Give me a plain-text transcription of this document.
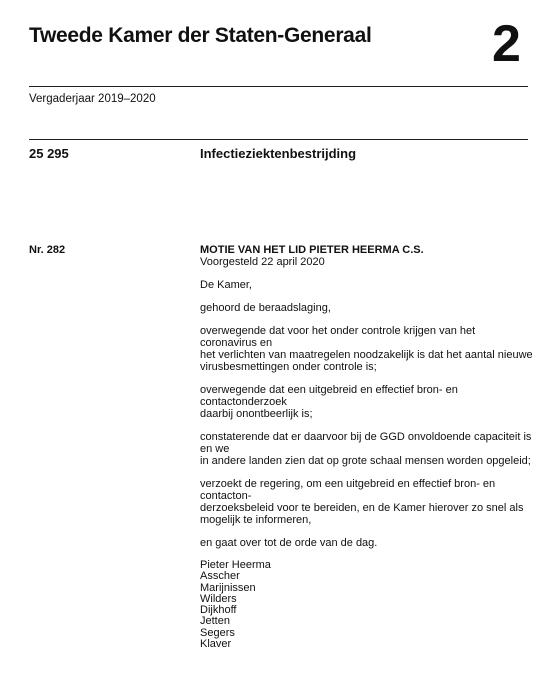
Tweede Kamer der Staten-Generaal 2
Vergaderjaar 2019–2020
25 295	Infectieziektenbestrijding
Nr. 282	MOTIE VAN HET LID PIETER HEERMA C.S.

Voorgesteld 22 april 2020

De Kamer,

gehoord de beraadslaging,

overwegende dat voor het onder controle krijgen van het coronavirus en
het verlichten van maatregelen noodzakelijk is dat het aantal nieuwe
virusbesmettingen onder controle is;
overwegende dat een uitgebreid en effectief bron- en contactonderzoek
daarbij onontbeerlijk is;
constaterende dat er daarvoor bij de GGD onvoldoende capaciteit is en we
in andere landen zien dat op grote schaal mensen worden opgeleid;
verzoekt de regering, om een uitgebreid en effectief bron- en contacton-
derzoeksbeleid voor te bereiden, en de Kamer hierover zo snel als
mogelijk te informeren,

en gaat over tot de orde van de dag.

Pieter Heerma
Asscher
Marijnissen
Wilders
Dijkhoff
Jetten
Segers
Klaver
